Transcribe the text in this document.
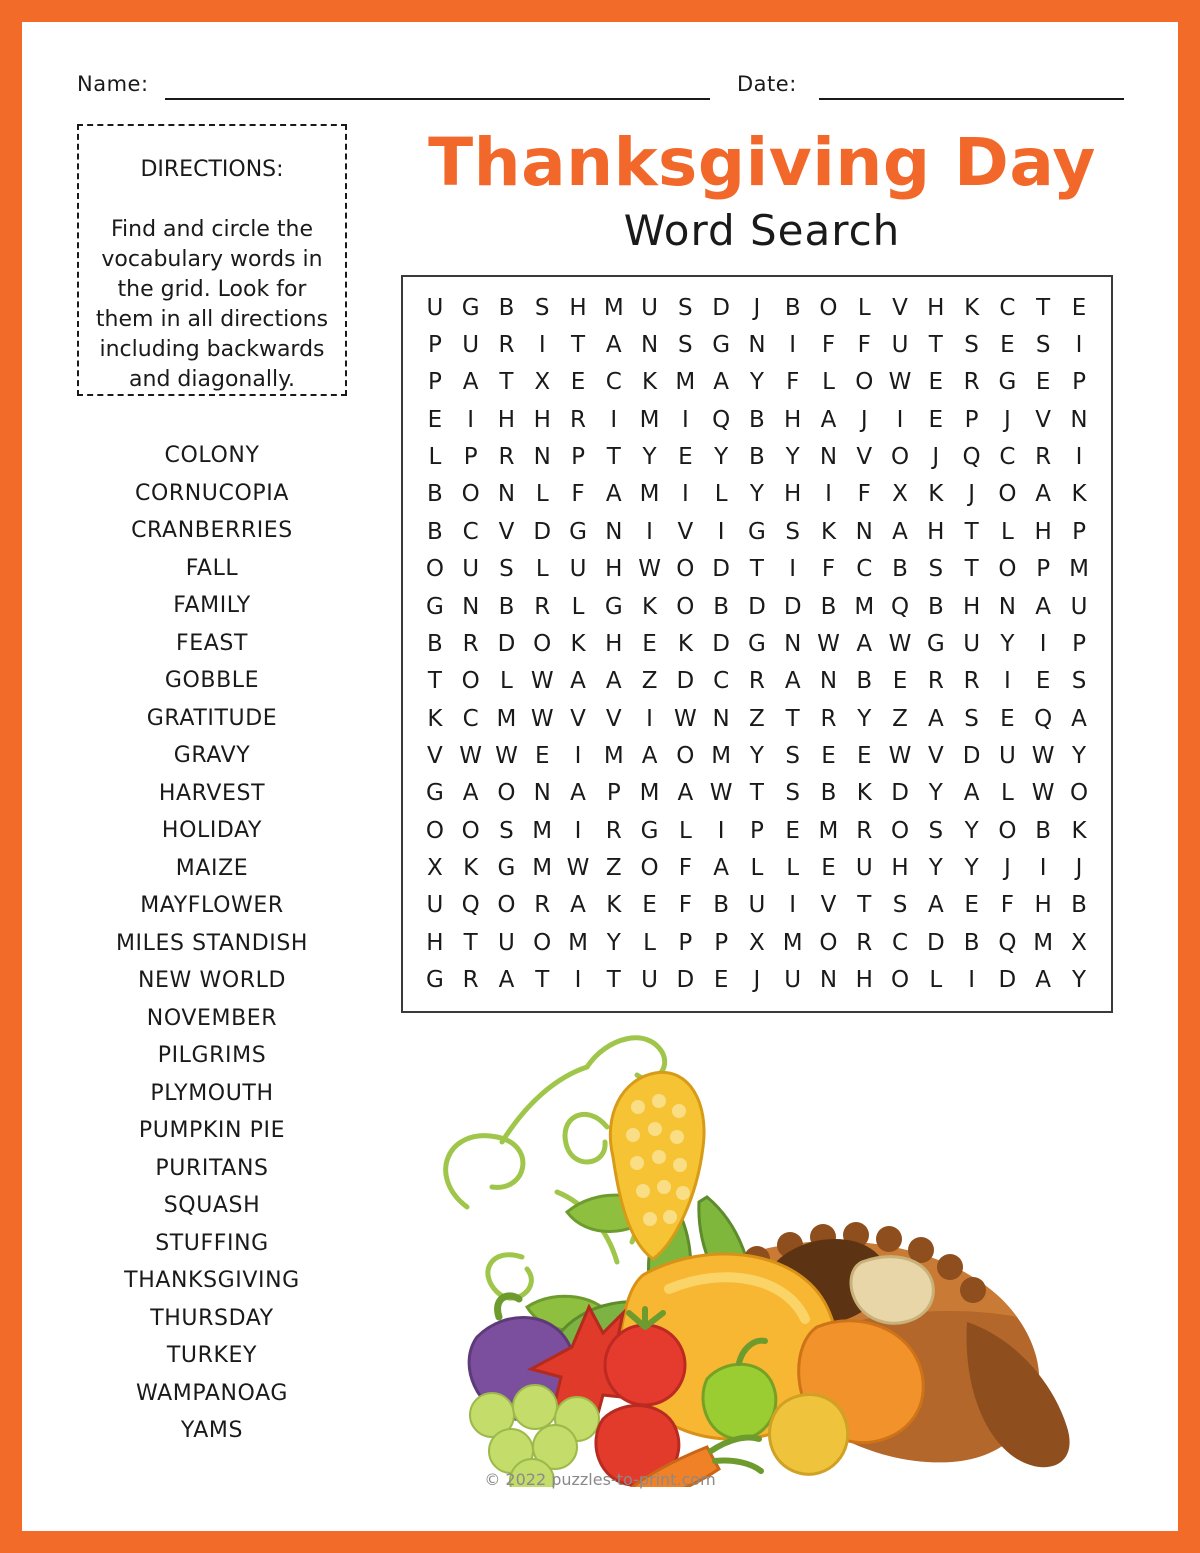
Name:	Date:

DIRECTIONS:

Find and circle the vocabulary words in the grid. Look for them in all directions including backwards and diagonally.

Thanksgiving Day
Word Search
COLONY
CORNUCOPIA
CRANBERRIES
FALL
FAMILY
FEAST
GOBBLE
GRATITUDE
GRAVY
HARVEST
HOLIDAY
MAIZE
MAYFLOWER
MILES STANDISH
NEW WORLD
NOVEMBER
PILGRIMS
PLYMOUTH
PUMPKIN PIE
PURITANS
SQUASH
STUFFING
THANKSGIVING
THURSDAY
TURKEY
WAMPANOAG
YAMS
U	G	B	S	H	M	U	S	D	J	B	O	L	V	H	K	C	T	E
P	U	R	I	T	A	N	S	G	N	I	F	F	U	T	S	E	S	I
P	A	T	X	E	C	K	M	A	Y	F	L	O	W	E	R	G	E	P
E	I	H	H	R	I	M	I	Q	B	H	A	J	I	E	P	J	V	N
L	P	R	N	P	T	Y	E	Y	B	Y	N	V	O	J	Q	C	R	I
B	O	N	L	F	A	M	I	L	Y	H	I	F	X	K	J	O	A	K
B	C	V	D	G	N	I	V	I	G	S	K	N	A	H	T	L	H	P
O	U	S	L	U	H	W	O	D	T	I	F	C	B	S	T	O	P	M
G	N	B	R	L	G	K	O	B	D	D	B	M	Q	B	H	N	A	U
B	R	D	O	K	H	E	K	D	G	N	W	A	W	G	U	Y	I	P
T	O	L	W	A	A	Z	D	C	R	A	N	B	E	R	R	I	E	S
K	C	M	W	V	V	I	W	N	Z	T	R	Y	Z	A	S	E	Q	A
V	W	W	E	I	M	A	O	M	Y	S	E	E	W	V	D	U	W	Y
G	A	O	N	A	P	M	A	W	T	S	B	K	D	Y	A	L	W	O
O	O	S	M	I	R	G	L	I	P	E	M	R	O	S	Y	O	B	K
X	K	G	M	W	Z	O	F	A	L	L	E	U	H	Y	Y	J	I	J
U	Q	O	R	A	K	E	F	B	U	I	V	T	S	A	E	F	H	B
H	T	U	O	M	Y	L	P	P	X	M	O	R	C	D	B	Q	M	X
G	R	A	T	I	T	U	D	E	J	U	N	H	O	L	I	D	A	Y
© 2022 puzzles-to-print.com
